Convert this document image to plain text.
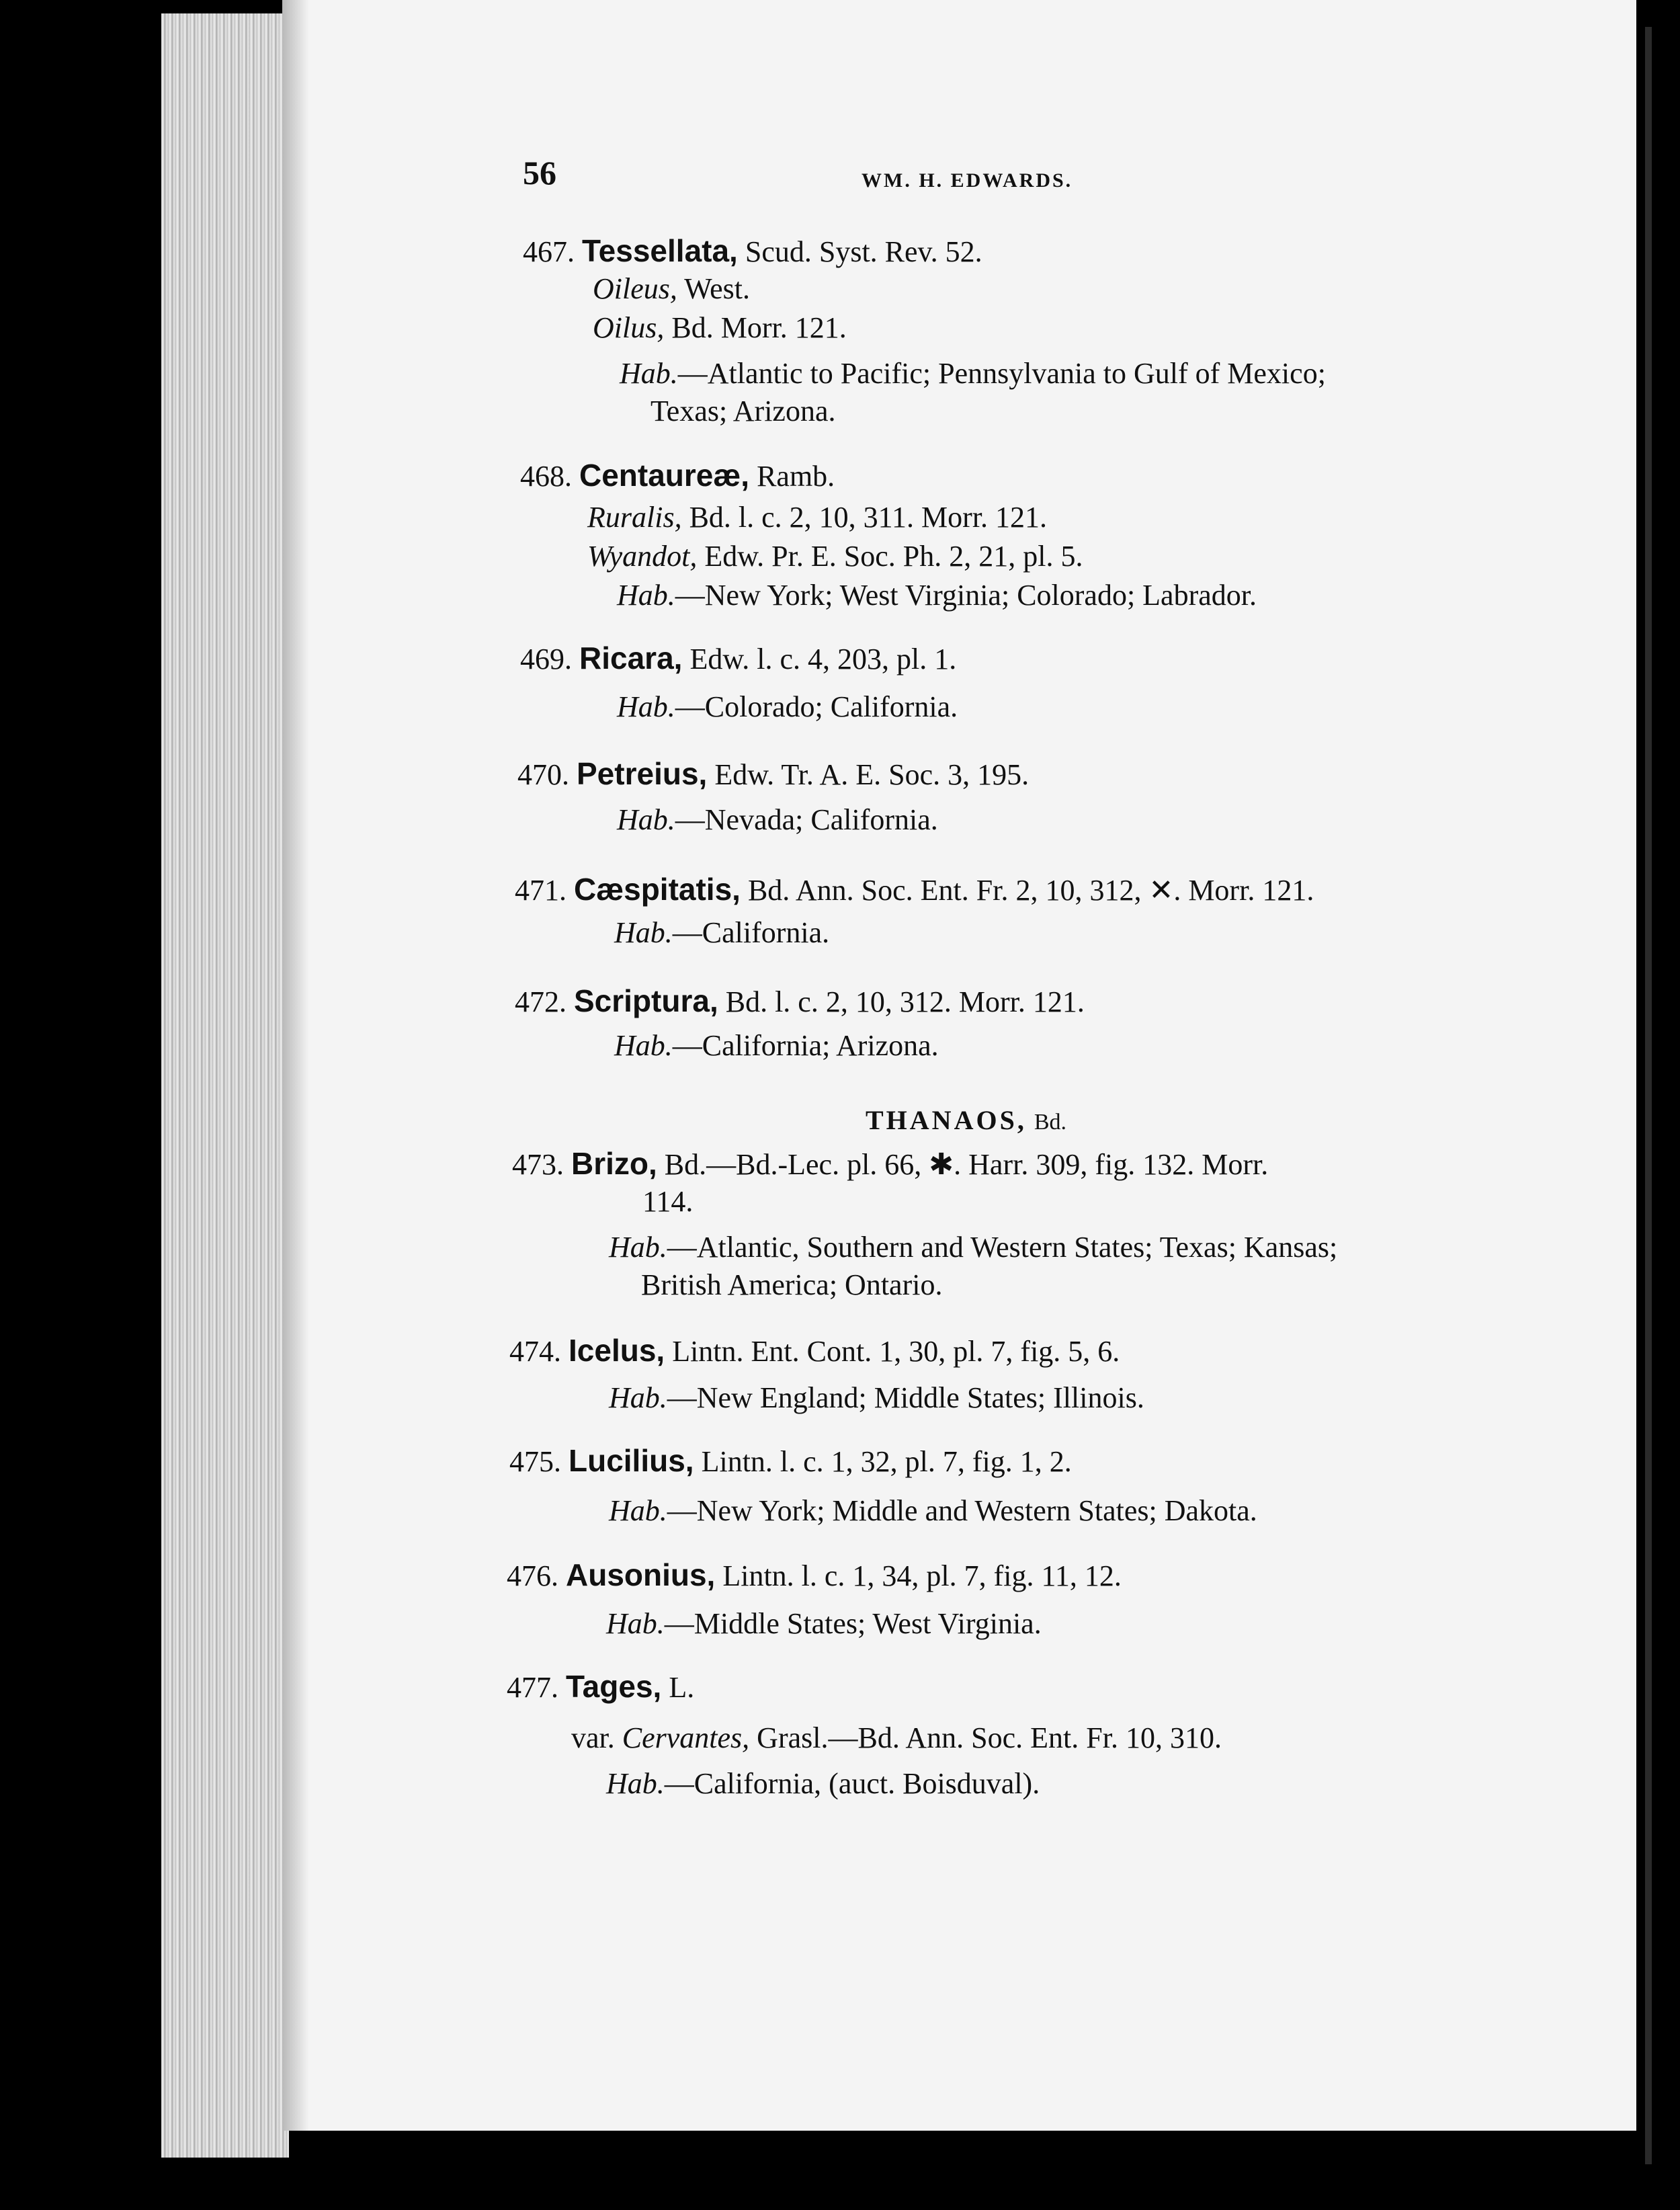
56	WM. H. EDWARDS.
467. Tessellata, Scud. Syst. Rev. 52.
Oileus, West.
Oilus, Bd. Morr. 121.
Hab.—Atlantic to Pacific; Pennsylvania to Gulf of Mexico;
Texas; Arizona.
468. Centaureæ, Ramb.
Ruralis, Bd. l. c. 2, 10, 311. Morr. 121.
Wyandot, Edw. Pr. E. Soc. Ph. 2, 21, pl. 5.
Hab.—New York; West Virginia; Colorado; Labrador.
469. Ricara, Edw. l. c. 4, 203, pl. 1.
Hab.—Colorado; California.
470. Petreius, Edw. Tr. A. E. Soc. 3, 195.
Hab.—Nevada; California.
471. Cæspitatis, Bd. Ann. Soc. Ent. Fr. 2, 10, 312, ✕. Morr. 121.
Hab.—California.
472. Scriptura, Bd. l. c. 2, 10, 312. Morr. 121.
Hab.—California; Arizona.
THANAOS, Bd.
473. Brizo, Bd.—Bd.-Lec. pl. 66, ✱. Harr. 309, fig. 132. Morr.
114.
Hab.—Atlantic, Southern and Western States; Texas; Kansas;
British America; Ontario.
474. Icelus, Lintn. Ent. Cont. 1, 30, pl. 7, fig. 5, 6.
Hab.—New England; Middle States; Illinois.
475. Lucilius, Lintn. l. c. 1, 32, pl. 7, fig. 1, 2.
Hab.—New York; Middle and Western States; Dakota.
476. Ausonius, Lintn. l. c. 1, 34, pl. 7, fig. 11, 12.
Hab.—Middle States; West Virginia.
477. Tages, L.
var. Cervantes, Grasl.—Bd. Ann. Soc. Ent. Fr. 10, 310.
Hab.—California, (auct. Boisduval).
